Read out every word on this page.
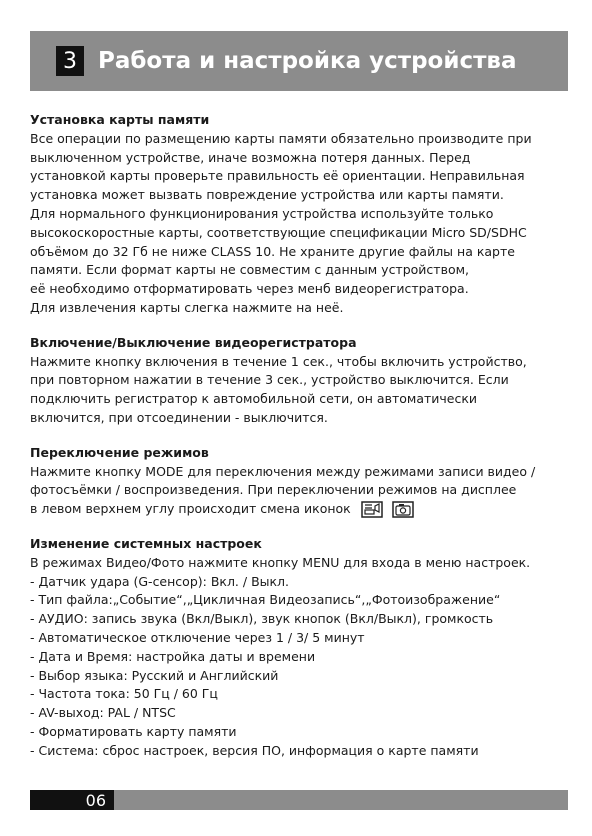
3 Работа и настройка устройства
Установка карты памяти

Все операции по размещению карты памяти обязательно производите при

выключенном устройстве, иначе возможна потеря данных. Перед

установкой карты проверьте правильность её ориентации. Неправильная

установка может вызвать повреждение устройства или карты памяти.

Для нормального функционирования устройства используйте только

высокоскоростные карты, соответствующие спецификации Micro SD/SDHC

объёмом до 32 Гб не ниже CLASS 10. Не храните другие файлы на карте

памяти. Если формат карты не совместим с данным устройством,

её необходимо отформатировать через менб видеорегистратора.

Для извлечения карты слегка нажмите на неё.

Включение/Выключение видеорегистратора

Нажмите кнопку включения в течение 1 сек., чтобы включить устройство,

при повторном нажатии в течение 3 сек., устройство выключится. Если

подключить регистратор к автомобильной сети, он автоматически

включится, при отсоединении - выключится.

Переключение режимов

Нажмите кнопку MODE для переключения между режимами записи видео /

фотосъёмки / воспроизведения. При переключении режимов на дисплее

в левом верхнем углу происходит смена иконок

Изменение системных настроек

В режимах Видео/Фото нажмите кнопку MENU для входа в меню настроек.

- Датчик удара (G-сенсор): Вкл. / Выкл.

- Тип файла:„Событие“,„Цикличная Видеозапись“,„Фотоизображение“

- АУДИО: запись звука (Вкл/Выкл), звук кнопок (Вкл/Выкл), громкость

- Автоматическое отключение через 1 / 3/ 5 минут

- Дата и Время: настройка даты и времени

- Выбор языка: Русский и Английский

- Частота тока: 50 Гц / 60 Гц

- AV-выход: PAL / NTSC

- Форматировать карту памяти

- Система: сброс настроек, версия ПО, информация о карте памяти

06
